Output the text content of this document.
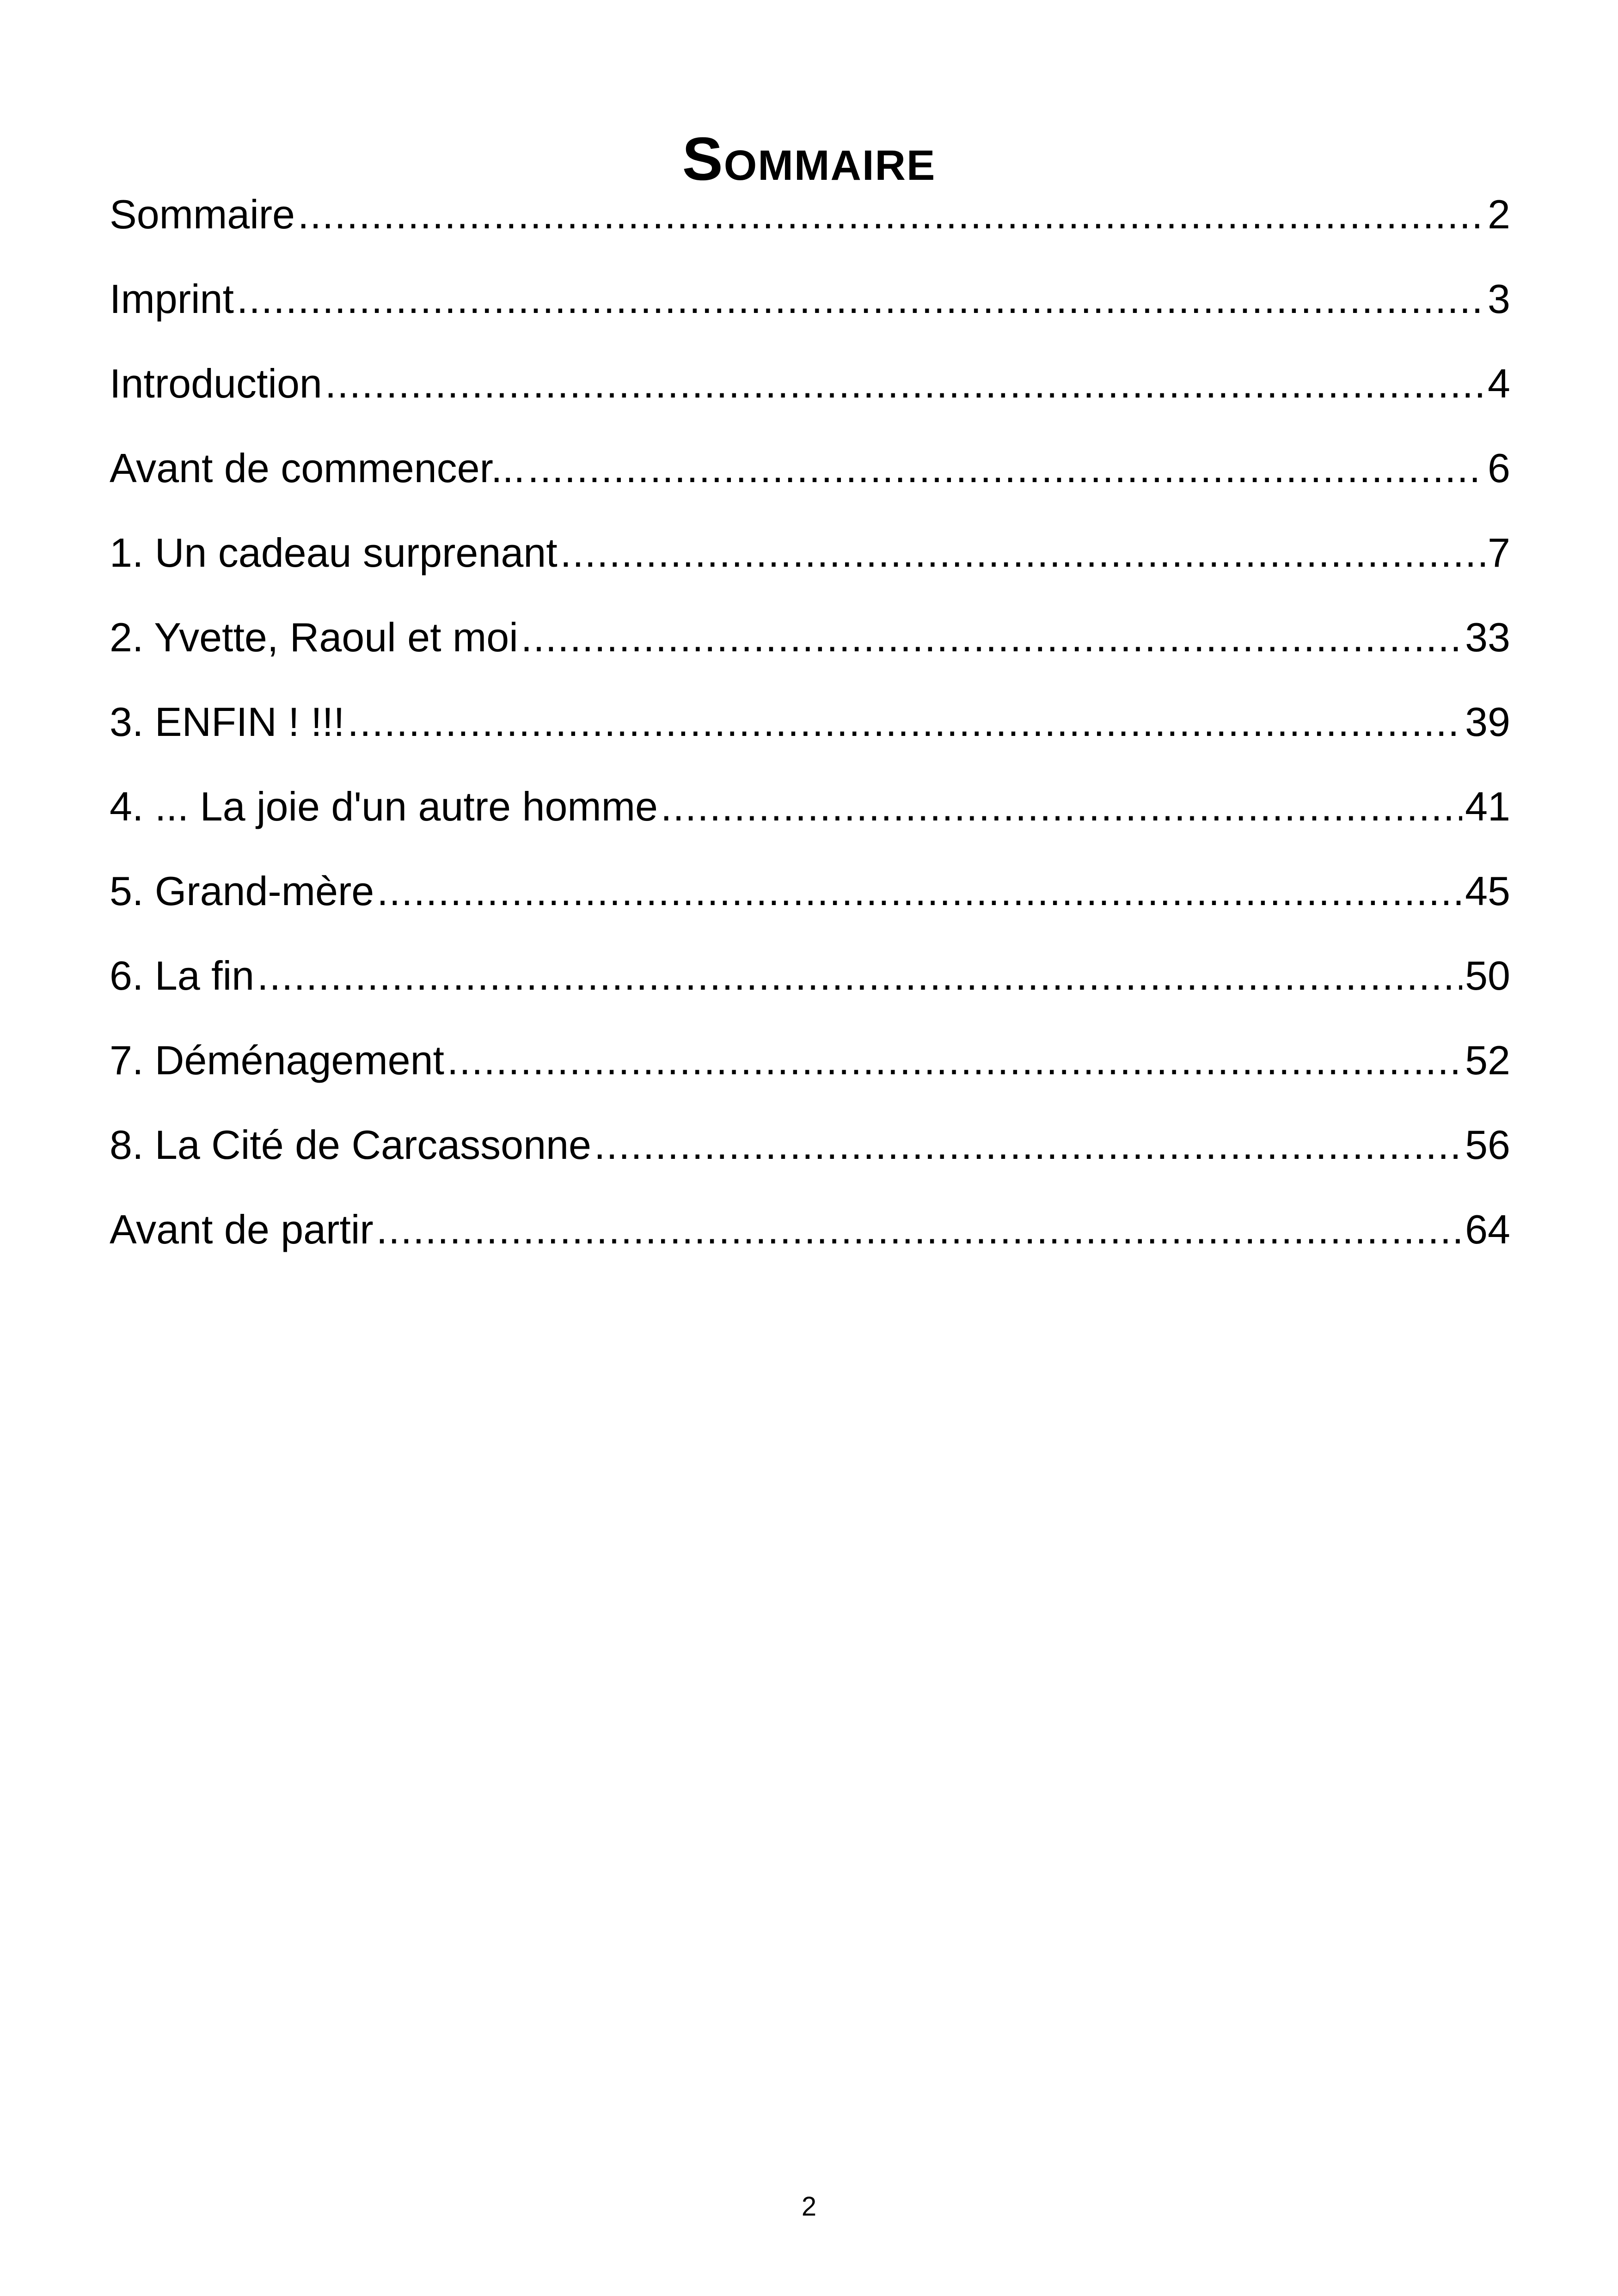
Sommaire
Sommaire .....	2
Imprint .....	3
Introduction .....	4
Avant de commencer... .....	6
1. Un cadeau surprenant .....	7
2. Yvette, Raoul et moi .....	33
3. ENFIN ! !!! .....	39
4. ... La joie d'un autre homme .....	41
5. Grand-mère .....	45
6. La fin .....	50
7. Déménagement .....	52
8. La Cité de Carcassonne .....	56
Avant de partir .....	64
2
